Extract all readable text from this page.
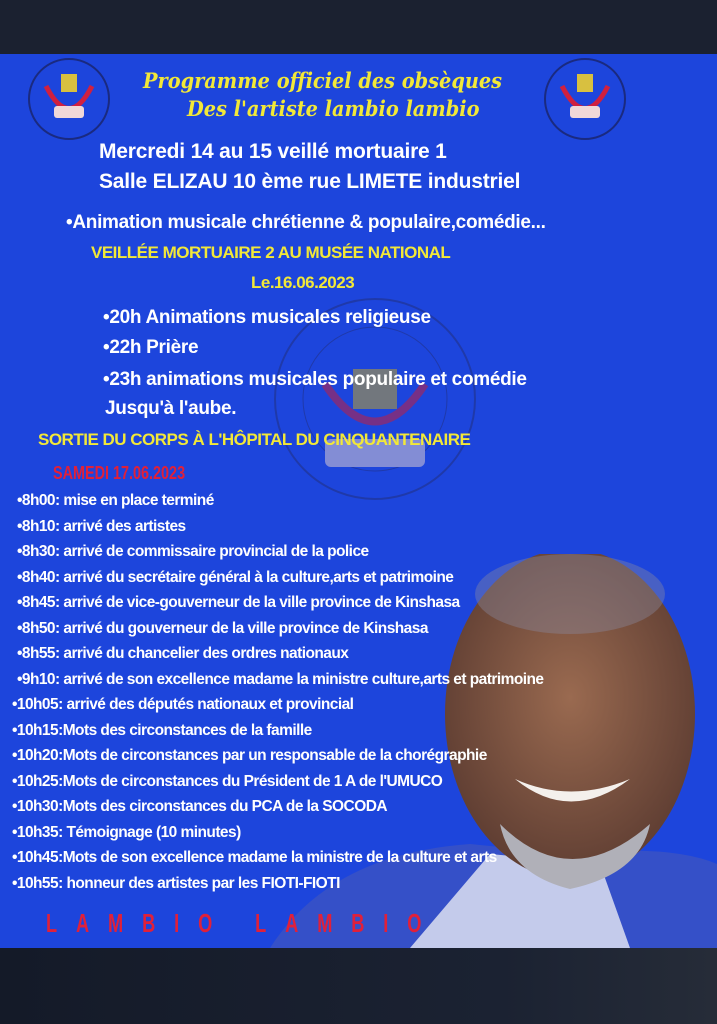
Programme officiel des obsèques
Des l'artiste lambio lambio
Mercredi 14 au 15 veillé mortuaire 1
Salle ELIZAU 10 ème rue LIMETE industriel
•Animation musicale chrétienne & populaire,comédie...
VEILLÉE MORTUAIRE 2 AU MUSÉE NATIONAL
Le.16.06.2023
•20h Animations musicales religieuse
•22h Prière
•23h animations musicales populaire et comédie
Jusqu'à l'aube.
SORTIE DU CORPS À L'HÔPITAL DU CINQUANTENAIRE
SAMEDI 17.06.2023
•8h00: mise en place terminé
•8h10: arrivé des artistes
•8h30: arrivé de commissaire provincial de la police
•8h40: arrivé du secrétaire général à la culture,arts et patrimoine
•8h45: arrivé de vice-gouverneur de la ville province de Kinshasa
•8h50: arrivé du gouverneur de la ville province de Kinshasa
•8h55: arrivé du chancelier des ordres nationaux
•9h10: arrivé de son excellence madame la ministre culture,arts et patrimoine
•10h05: arrivé des députés nationaux et provincial
•10h15:Mots des circonstances de la famille
•10h20:Mots de circonstances par un responsable de la chorégraphie
•10h25:Mots de circonstances du Président de 1 A de l'UMUCO
•10h30:Mots des circonstances du PCA de la SOCODA
•10h35: Témoignage (10 minutes)
•10h45:Mots de son excellence madame la ministre de la culture et arts
•10h55: honneur des artistes par les FIOTI-FIOTI
LAMBIO LAMBIO
